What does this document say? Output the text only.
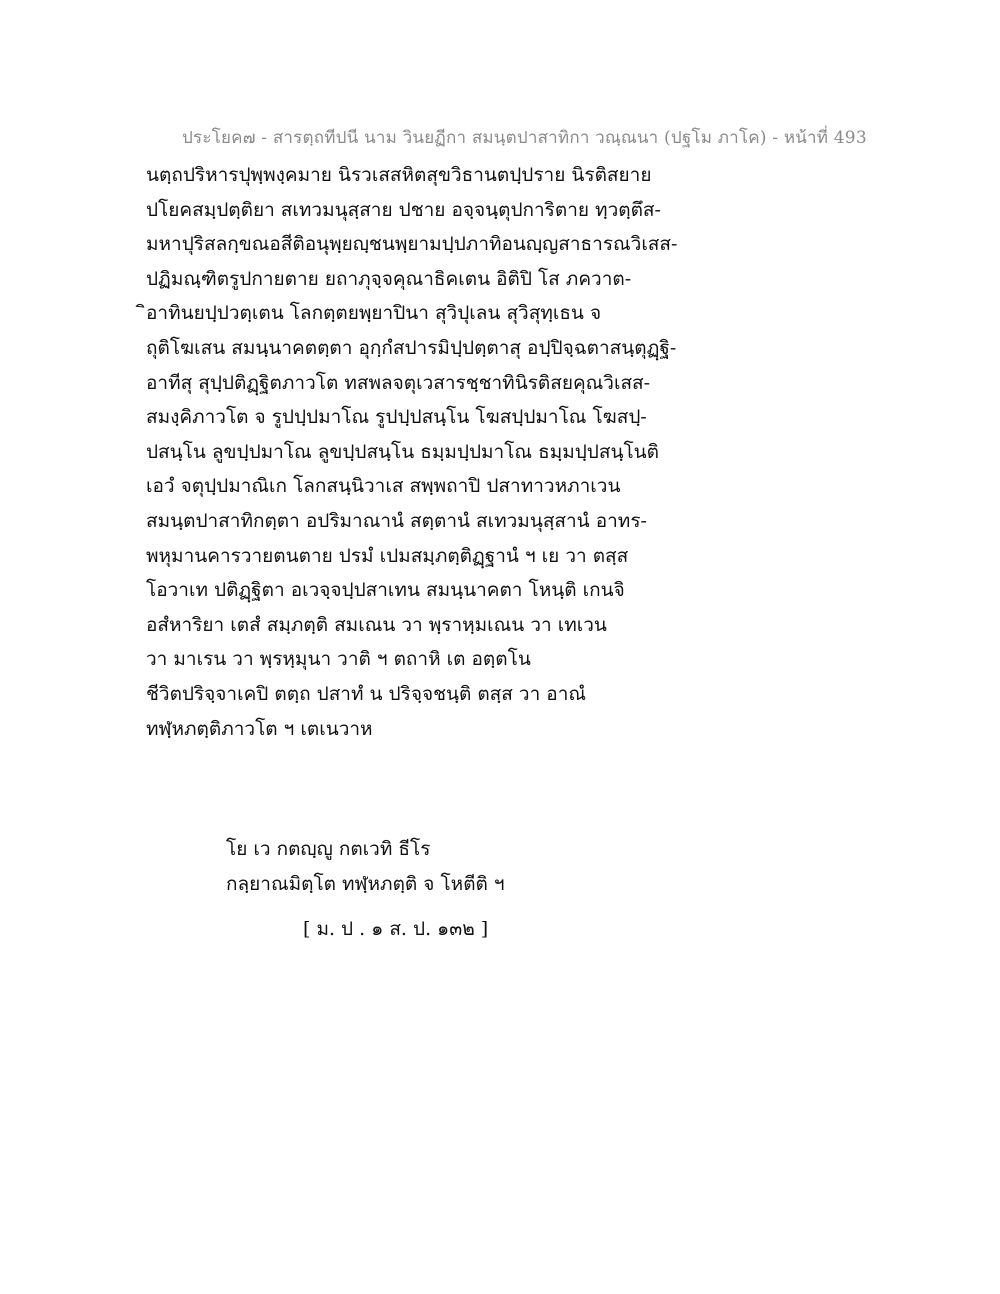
ประโยค๗ - สารตฺถทีปนี นาม วินยฏีกา สมนฺตปาสาทิกา วณฺณนา (ปฐโม ภาโค) - หน้าที่ 493
นตฺถปริหารปุพฺพงฺคมาย นิรวเสสหิตสุขวิธานตปฺปราย นิรติสยาย
ปโยคสมฺปตฺติยา สเทวมนุสฺสาย ปชาย อจฺจนฺตุปการิตาย ทฺวตฺตึส-
มหาปุริสลกฺขณอสีติอนุพฺยญฺชนพฺยามปฺปภาทิอนญฺญสาธารณวิเสส-
ปฏิมณฺฑิตรูปกายตาย ยถาภุจฺจคุณาธิคเตน อิติปิ โส ภควาต-
ิอาทินยปฺปวตฺเตน โลกตฺตยพฺยาปินา สุวิปุเลน สุวิสุทฺเธน จ
ถุติโฆเสน สมนฺนาคตตฺตา อุกฺกํสปารมิปฺปตฺตาสุ อปฺปิจฺฉตาสนฺตุฏฺฐิ-
อาทีสุ สุปฺปติฏฺฐิตภาวโต ทสพลจตุเวสารชฺชาทินิรติสยคุณวิเสส-
สมงฺคิภาวโต จ รูปปฺปมาโณ รูปปฺปสนฺโน โฆสปฺปมาโณ โฆสปฺ-
ปสนฺโน ลูขปฺปมาโณ ลูขปฺปสนฺโน ธมฺมปฺปมาโณ ธมฺมปฺปสนฺโนติ
เอวํ จตุปฺปมาณิเก โลกสนฺนิวาเส สพฺพถาปิ ปสาทาวหภาเวน
สมนฺตปาสาทิกตฺตา อปริมาณานํ สตฺตานํ สเทวมนุสฺสานํ อาทร-
พหุมานคารวายตนตาย ปรมํ เปมสมฺภตฺติฏฺฐานํ ฯ เย วา ตสฺส
โอวาเท ปติฏฺฐิตา อเวจฺจปฺปสาเทน สมนฺนาคตา โหนฺติ เกนจิ
อสํหาริยา เตสํ สมฺภตฺติ สมเณน วา พฺราหฺมเณน วา เทเวน
วา มาเรน วา พฺรหฺมุนา วาติ ฯ ตถาหิ เต อตฺตโน
ชีวิตปริจฺจาเคปิ ตตฺถ ปสาทํ น ปริจฺจชนฺติ ตสฺส วา อาณํ
ทฬฺหภตฺติภาวโต ฯ เตเนวาห
โย เว กตญฺญู กตเวทิ ธีโร
กลฺยาณมิตฺโต ทฬฺหภตฺติ จ โหตีติ ฯ
[ ม. ป . ๑ ส. ป. ๑๓๒ ]
